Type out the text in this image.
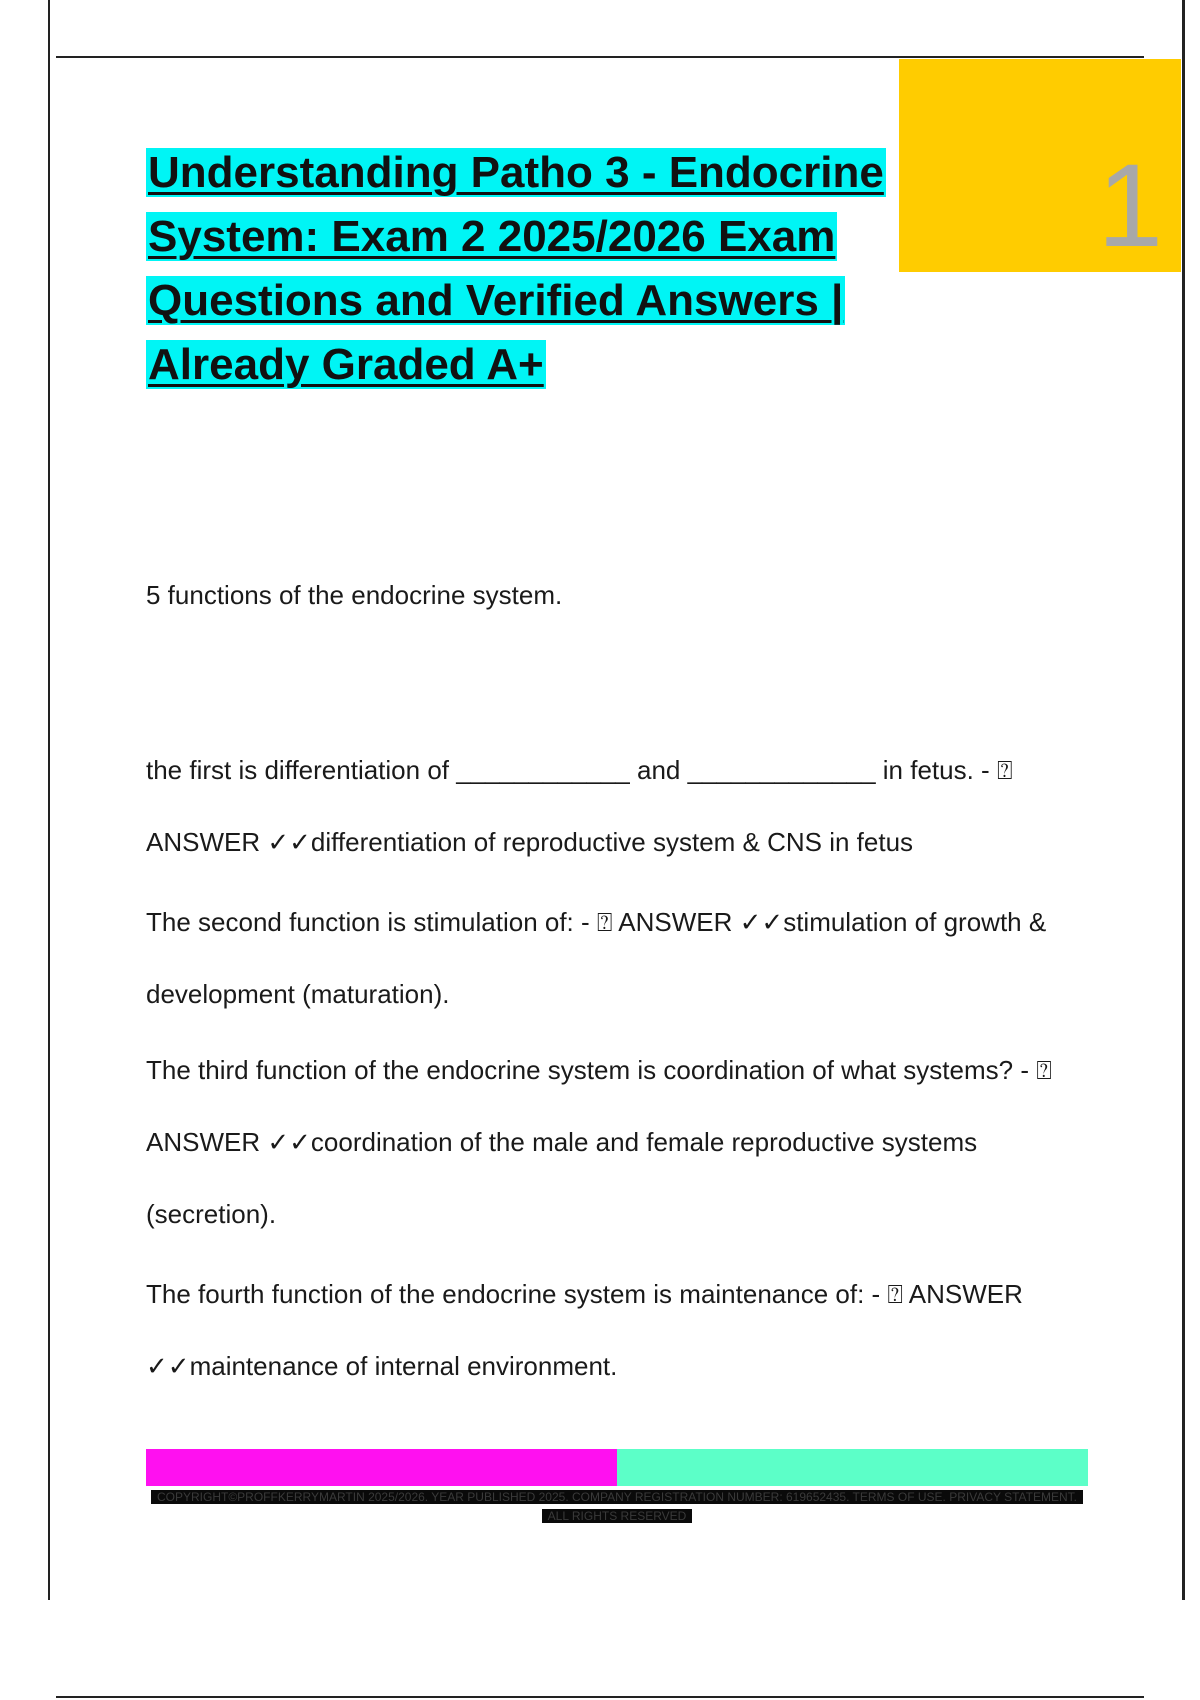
1
Understanding Patho 3 - Endocrine System: Exam 2 2025/2026 Exam Questions and Verified Answers | Already Graded A+

5 functions of the endocrine system.

the first is differentiation of ____________ and _____________ in fetus. - ⍰ ANSWER ✓✓differentiation of reproductive system & CNS in fetus

The second function is stimulation of: - ⍰ ANSWER ✓✓stimulation of growth & development (maturation).

The third function of the endocrine system is coordination of what systems? - ⍰ ANSWER ✓✓coordination of the male and female reproductive systems (secretion).

The fourth function of the endocrine system is maintenance of: - ⍰ ANSWER ✓✓maintenance of internal environment.

COPYRIGHT©PROFFKERRYMARTIN 2025/2026. YEAR PUBLISHED 2025. COMPANY REGISTRATION NUMBER: 619652435. TERMS OF USE. PRIVACY STATEMENT. ALL RIGHTS RESERVED
